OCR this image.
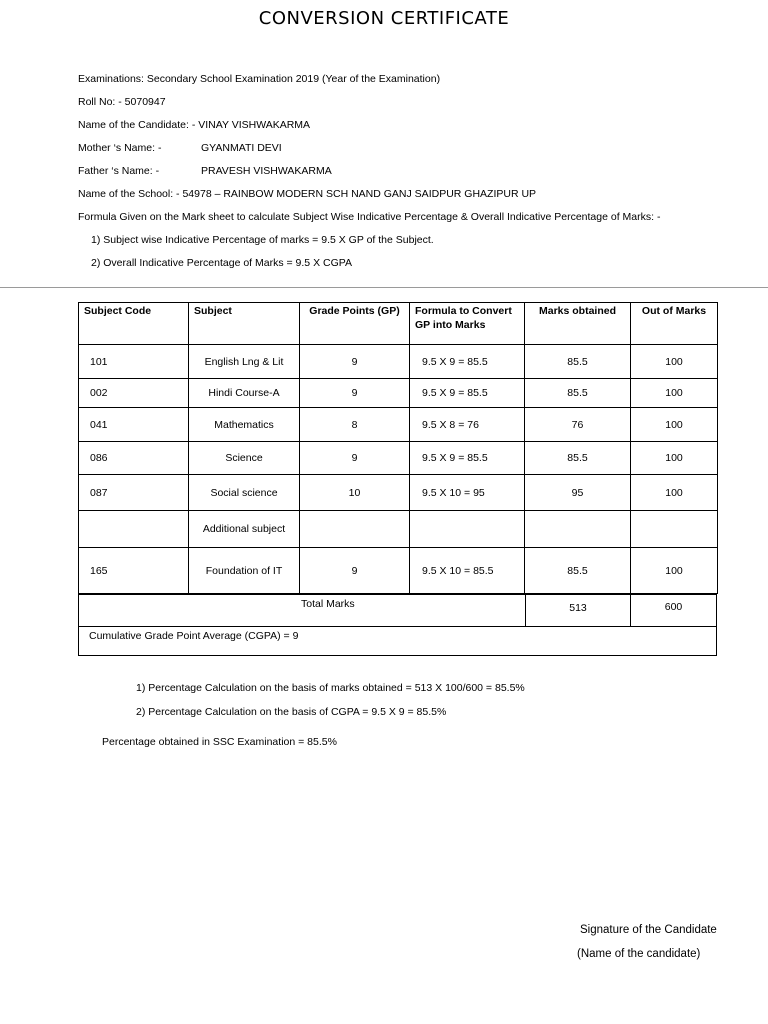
CONVERSION CERTIFICATE
Examinations: Secondary School Examination 2019 (Year of the Examination)
Roll No: - 5070947
Name of the Candidate: - VINAY VISHWAKARMA
Mother ‘s Name: -	GYANMATI DEVI
Father ‘s Name: -	PRAVESH VISHWAKARMA
Name of the School: - 54978 – RAINBOW MODERN SCH NAND GANJ SAIDPUR GHAZIPUR UP
Formula Given on the Mark sheet to calculate Subject Wise Indicative Percentage & Overall Indicative Percentage of Marks: -
1) Subject wise Indicative Percentage of marks = 9.5 X GP of the Subject.
2) Overall Indicative Percentage of Marks = 9.5 X CGPA
Subject Code	Subject	Grade Points (GP)	Formula to Convert GP into Marks	Marks obtained	Out of Marks
101	English Lng & Lit	9	9.5 X 9 = 85.5	85.5	100
002	Hindi Course-A	9	9.5 X 9 = 85.5	85.5	100
041	Mathematics	8	9.5 X 8 = 76	76	100
086	Science	9	9.5 X 9 = 85.5	85.5	100
087	Social science	10	9.5 X 10 = 95	95	100
	Additional subject				
165	Foundation of IT	9	9.5 X 10 = 85.5	85.5	100
Total Marks	513	600
Cumulative Grade Point Average (CGPA) = 9
1) Percentage Calculation on the basis of marks obtained = 513 X 100/600 = 85.5%
2) Percentage Calculation on the basis of CGPA = 9.5 X 9 = 85.5%
Percentage obtained in SSC Examination = 85.5%
Signature of the Candidate
(Name of the candidate)
